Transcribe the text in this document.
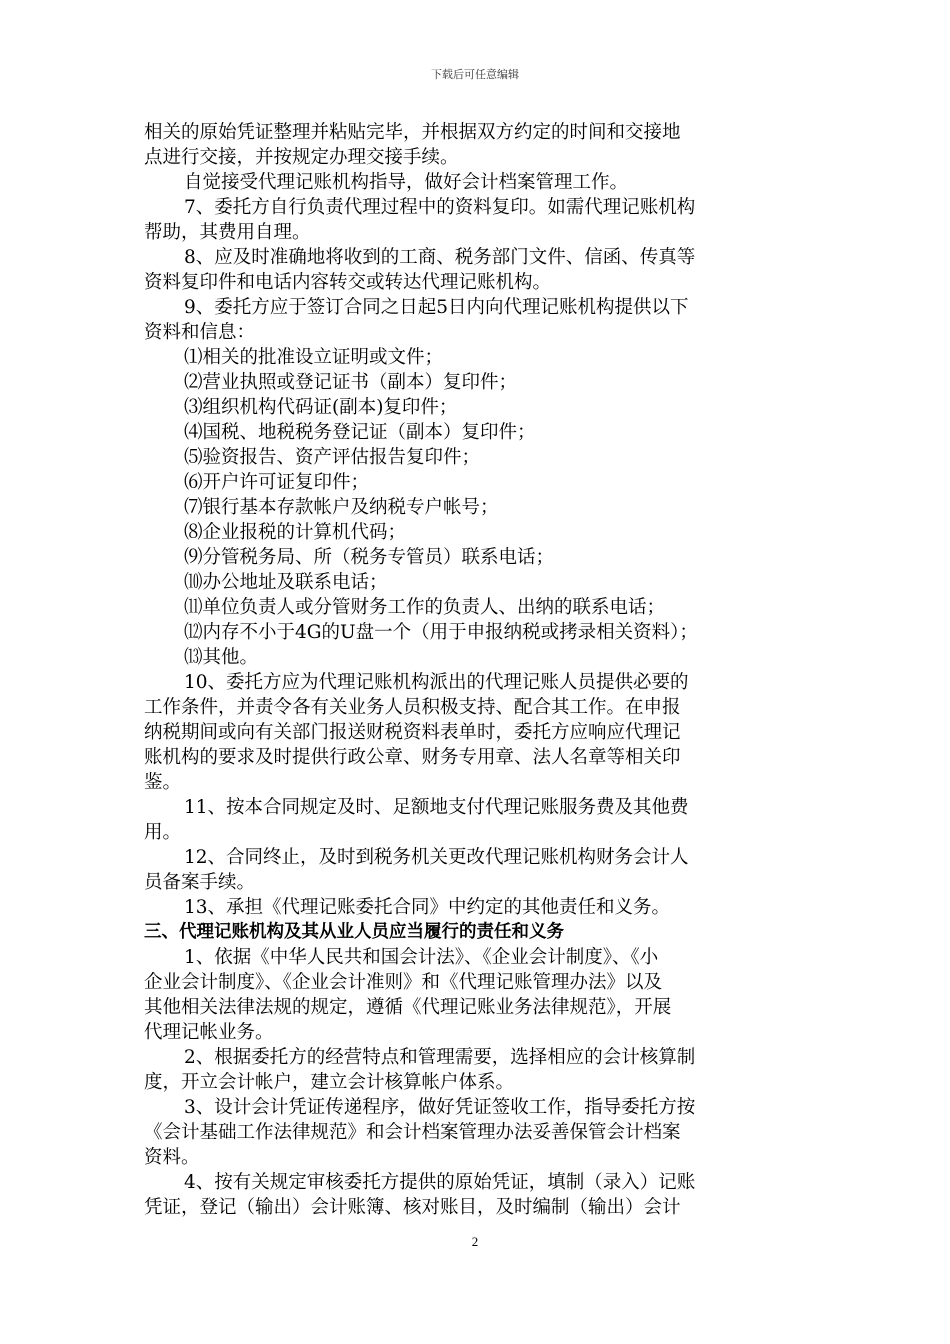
下载后可任意编辑
相关的原始凭证整理并粘贴完毕，并根据双方约定的时间和交接地
点进行交接，并按规定办理交接手续。
自觉接受代理记账机构指导，做好会计档案管理工作。
7、委托方自行负责代理过程中的资料复印。如需代理记账机构
帮助，其费用自理。
8、应及时准确地将收到的工商、税务部门文件、信函、传真等
资料复印件和电话内容转交或转达代理记账机构。
9、委托方应于签订合同之日起5日内向代理记账机构提供以下
资料和信息：
⑴相关的批准设立证明或文件；
⑵营业执照或登记证书（副本）复印件；
⑶组织机构代码证(副本)复印件；
⑷国税、地税税务登记证（副本）复印件；
⑸验资报告、资产评估报告复印件；
⑹开户许可证复印件；
⑺银行基本存款帐户及纳税专户帐号；
⑻企业报税的计算机代码；
⑼分管税务局、所（税务专管员）联系电话；
⑽办公地址及联系电话；
⑾单位负责人或分管财务工作的负责人、出纳的联系电话；
⑿内存不小于4G的U盘一个（用于申报纳税或拷录相关资料）；
⒀其他。
10、委托方应为代理记账机构派出的代理记账人员提供必要的
工作条件，并责令各有关业务人员积极支持、配合其工作。在申报
纳税期间或向有关部门报送财税资料表单时，委托方应响应代理记
账机构的要求及时提供行政公章、财务专用章、法人名章等相关印
鉴。
11、按本合同规定及时、足额地支付代理记账服务费及其他费
用。
12、合同终止，及时到税务机关更改代理记账机构财务会计人
员备案手续。
13、承担《代理记账委托合同》中约定的其他责任和义务。
三、代理记账机构及其从业人员应当履行的责任和义务
1、依据《中华人民共和国会计法》、《企业会计制度》、《小
企业会计制度》、《企业会计准则》和《代理记账管理办法》以及
其他相关法律法规的规定，遵循《代理记账业务法律规范》，开展
代理记帐业务。
2、根据委托方的经营特点和管理需要，选择相应的会计核算制
度，开立会计帐户，建立会计核算帐户体系。
3、设计会计凭证传递程序，做好凭证签收工作，指导委托方按
《会计基础工作法律规范》和会计档案管理办法妥善保管会计档案
资料。
4、按有关规定审核委托方提供的原始凭证，填制（录入）记账
凭证，登记（输出）会计账簿、核对账目，及时编制（输出）会计
2
